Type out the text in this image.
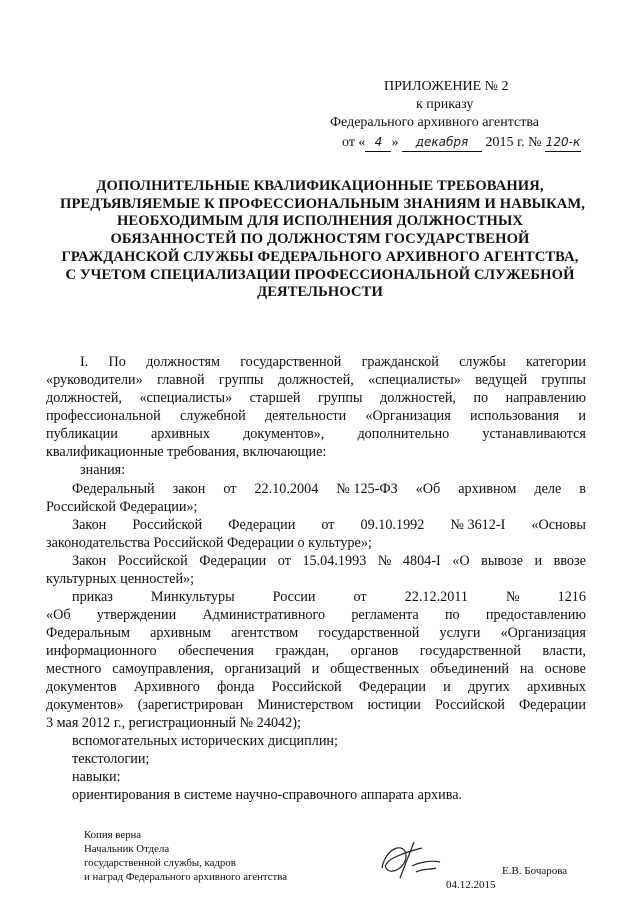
ПРИЛОЖЕНИЕ № 2
к приказу
Федерального архивного агентства
от « 4 » декабря 2015 г. № 120-к
ДОПОЛНИТЕЛЬНЫЕ КВАЛИФИКАЦИОННЫЕ ТРЕБОВАНИЯ,
ПРЕДЪЯВЛЯЕМЫЕ К ПРОФЕССИОНАЛЬНЫМ ЗНАНИЯМ И НАВЫКАМ,
НЕОБХОДИМЫМ ДЛЯ ИСПОЛНЕНИЯ ДОЛЖНОСТНЫХ
ОБЯЗАННОСТЕЙ ПО ДОЛЖНОСТЯМ ГОСУДАРСТВЕНОЙ
ГРАЖДАНСКОЙ СЛУЖБЫ ФЕДЕРАЛЬНОГО АРХИВНОГО АГЕНТСТВА,
С УЧЕТОМ СПЕЦИАЛИЗАЦИИ ПРОФЕССИОНАЛЬНОЙ СЛУЖЕБНОЙ
ДЕЯТЕЛЬНОСТИ
I. По должностям государственной гражданской службы категории
«руководители» главной группы должностей, «специалисты» ведущей группы
должностей, «специалисты» старшей группы должностей, по направлению
профессиональной служебной деятельности «Организация использования и
публикации архивных документов», дополнительно устанавливаются
квалификационные требования, включающие:
знания:
Федеральный закон от 22.10.2004 № 125-ФЗ «Об архивном деле в
Российской Федерации»;
Закон Российской Федерации от 09.10.1992 № 3612-I «Основы
законодательства Российской Федерации о культуре»;
Закон Российской Федерации от 15.04.1993 № 4804-I «О вывозе и ввозе
культурных ценностей»;
приказ	Минкультуры	России	от	22.12.2011	№	1216
«Об утверждении Административного регламента по предоставлению
Федеральным архивным агентством государственной услуги «Организация
информационного обеспечения граждан, органов государственной власти,
местного самоуправления, организаций и общественных объединений на основе
документов Архивного фонда Российской Федерации и других архивных
документов» (зарегистрирован Министерством юстиции Российской Федерации
3 мая 2012 г., регистрационный № 24042);
вспомогательных исторических дисциплин;
текстологии;
навыки:
ориентирования в системе научно-справочного аппарата архива.
Копия верна
Начальник Отдела
государственной службы, кадров
и наград Федерального архивного агентства	Е.В. Бочарова
04.12.2015
